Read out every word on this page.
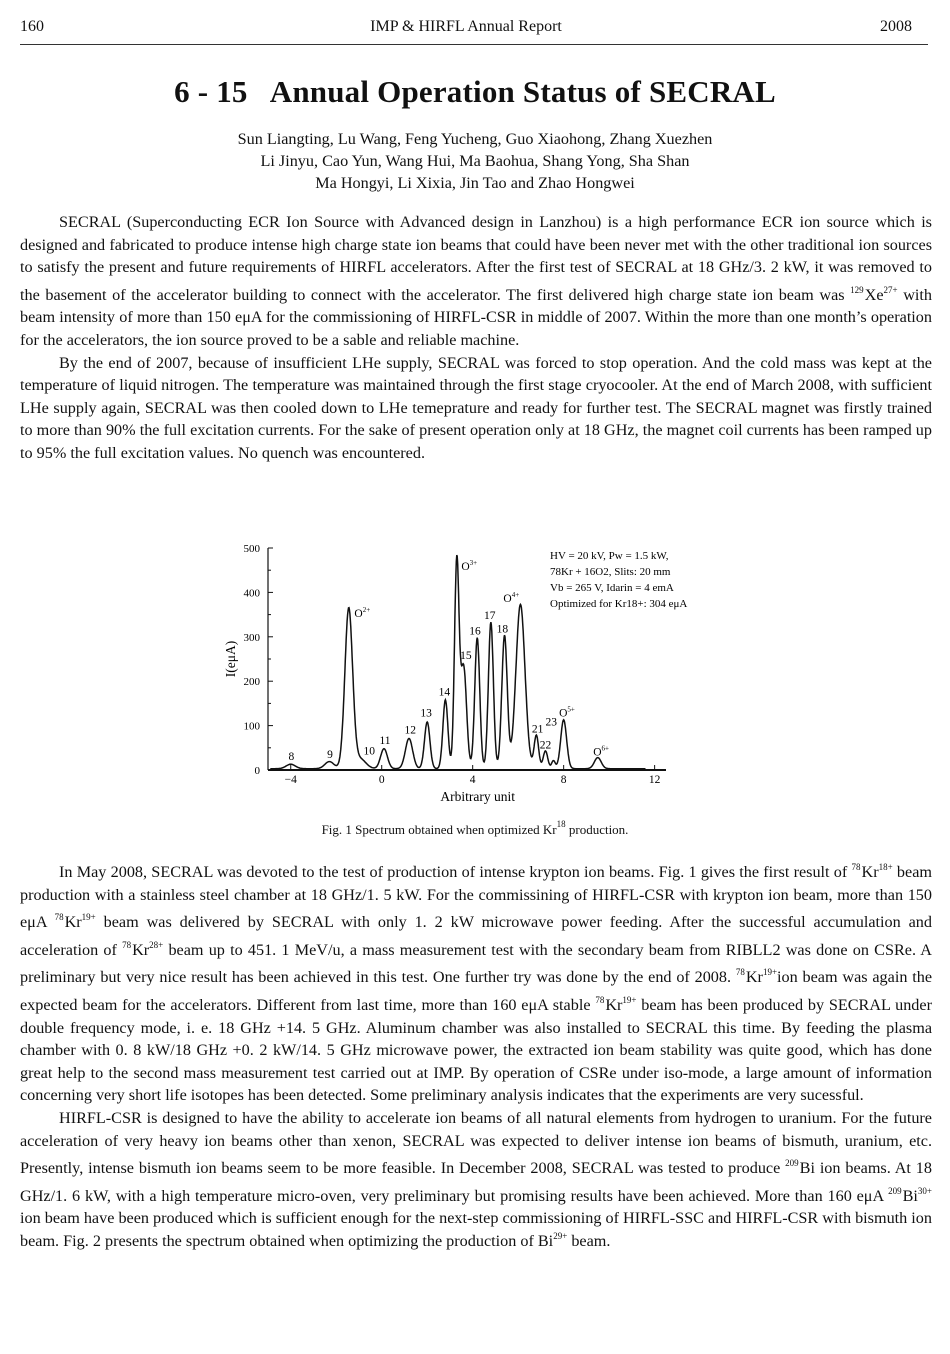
160	IMP & HIRFL Annual Report	2008
6 - 15   Annual Operation Status of SECRAL
Sun Liangting, Lu Wang, Feng Yucheng, Guo Xiaohong, Zhang Xuezhen
Li Jinyu, Cao Yun, Wang Hui, Ma Baohua, Shang Yong, Sha Shan
Ma Hongyi, Li Xixia, Jin Tao and Zhao Hongwei

SECRAL (Superconducting ECR Ion Source with Advanced design in Lanzhou) is a high performance ECR ion source which is designed and fabricated to produce intense high charge state ion beams that could have been never met with the other traditional ion sources to satisfy the present and future requirements of HIRFL accelerators. After the first test of SECRAL at 18 GHz/3. 2 kW, it was removed to the basement of the accelerator building to connect with the accelerator. The first delivered high charge state ion beam was $^{129}Xe^{27+}$ with beam intensity of more than 150 eμA for the commissioning of HIRFL-CSR in middle of 2007. Within the more than one month’s operation for the accelerators, the ion source proved to be a sable and reliable machine.

By the end of 2007, because of insufficient LHe supply, SECRAL was forced to stop operation. And the cold mass was kept at the temperature of liquid nitrogen. The temperature was maintained through the first stage cryocooler. At the end of March 2008, with sufficient LHe supply again, SECRAL was then cooled down to LHe temeprature and ready for further test. The SECRAL magnet was firstly trained to more than 90% the full excitation currents. For the sake of present operation only at 18 GHz, the magnet coil currents has been ramped up to 95% the full excitation values. No quench was encountered.

0
100
200
300
400
500
−4	0	4	8	12
Arbitrary unit
I(eμA)
8	9
$O^{2+}$
10
11
12
13
14
$O^{3+}$
15
16
17
18
$O^{4+}$
21
22
23
$O^{5+}$
$O^{6+}$
HV = 20 kV, Pw = 1.5 kW,
78Kr + 16O2, Slits: 20 mm
Vb = 265 V, Idarin = 4 emA
Optimized for Kr18+: 304 eμA
Fig. 1 Spectrum obtained when optimized Kr$^{18}$ production.

In May 2008, SECRAL was devoted to the test of production of intense krypton ion beams. Fig. 1 gives the first result of $^{78}Kr^{18+}$ beam production with a stainless steel chamber at 18 GHz/1. 5 kW. For the commissining of HIRFL-CSR with krypton ion beam, more than 150 eμA $^{78}Kr^{19+}$ beam was delivered by SECRAL with only 1. 2 kW microwave power feeding. After the successful accumulation and acceleration of $^{78}Kr^{28+}$ beam up to 451. 1 MeV/u, a mass measurement test with the secondary beam from RIBLL2 was done on CSRe. A preliminary but very nice result has been achieved in this test. One further try was done by the end of 2008. $^{78}Kr^{19+}ion$ beam was again the expected beam for the accelerators. Different from last time, more than 160 eμA stable $^{78}Kr^{19+}$ beam has been produced by SECRAL under double frequency mode, i. e. 18 GHz +14. 5 GHz. Aluminum chamber was also installed to SECRAL this time. By feeding the plasma chamber with 0. 8 kW/18 GHz +0. 2 kW/14. 5 GHz microwave power, the extracted ion beam stability was quite good, which has done great help to the second mass measurement test carried out at IMP. By operation of CSRe under iso-mode, a large amount of information concerning very short life isotopes has been detected. Some preliminary analysis indicates that the experiments are very sucessful.

HIRFL-CSR is designed to have the ability to accelerate ion beams of all natural elements from hydrogen to uranium. For the future acceleration of very heavy ion beams other than xenon, SECRAL was expected to deliver intense ion beams of bismuth, uranium, etc. Presently, intense bismuth ion beams seem to be more feasible. In December 2008, SECRAL was tested to produce $^{209}$Bi ion beams. At 18 GHz/1. 6 kW, with a high temperature micro-oven, very preliminary but promising results have been achieved. More than 160 eμA $^{209}Bi^{30+}$ ion beam have been produced which is sufficient enough for the next-step commissioning of HIRFL-SSC and HIRFL-CSR with bismuth ion beam. Fig. 2 presents the spectrum obtained when optimizing the production of $Bi^{29+}$ beam.
